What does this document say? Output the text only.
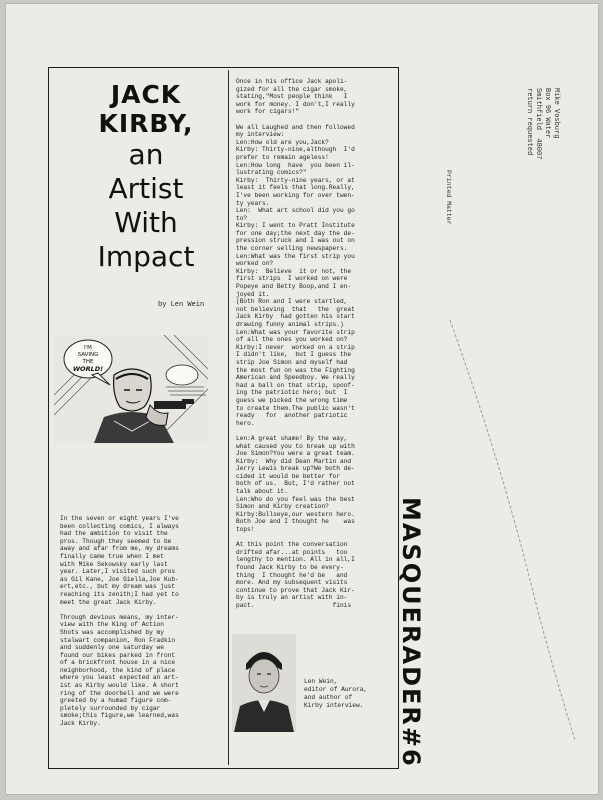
JACK
KIRBY,
an
Artist
With
Impact
by Len Wein
I'M
SAVING
THE
WORLD!
In the seven or eight years I've
been collecting comics, I always
had the ambition to visit the
pros. Though they seemed to be
away and afar from me, my dreams
finally came true when I met
with Mike Sekowsky early last
year. Later,I visited such pros
as Gil Kane, Joe Giella,Joe Kub-
ert,etc., but my dream was just
reaching its zenith;I had yet to
meet the great Jack Kirby.

Through devious means, my inter-
view with the King of Action
Shots was accomplished by my
stalwart companion, Ron Fradkin
and suddenly one saturday we
found our bikes parked in front
of a brickfront house in a nice
neighborhood, the kind of place
where you least expected an art-
ist as Kirby would like. A short
ring of the doorbell and we were
greeted by a humad figure com-
pletely surrounded by cigar
smoke;this figure,we learned,was
Jack Kirby.
Once in his office Jack apoli-
gized for all the cigar smoke,
stating,"Most people think   I
work for money. I don't,I really
work for cigars!"

We all Laughed and then followed
my interview:
Len:How old are you,Jack?
Kirby: Thirty-nine,although  I'd
prefer to remain ageless!
Len:How long  have  you been il-
lustrating comics?"
Kirby:  Thirty-nine years, or at
least it feels that long.Really,
I've been working for over twen-
ty years.
Len:  What art school did you go
to?
Kirby: I went to Pratt Institute
for one day;the next day the de-
pression struck and I was out on
the corner selling newspapers.
Len:What was the first strip you
worked on?
Kirby:  Believe  it or not, the
first strips  I worked on were
Popeye and Betty Boop,and I en-
joyed it.
(Both Ron and I were startled,
not believing  that   the  great
Jack Kirby  had gotten his start
drawing funny animal strips.)
Len:What was your favorite strip
of all the ones you worked on?
Kirby:I never  worked on a strip
I didn't like,  but I guess the
strip Joe Simon and myself had
the most fun on was the Fighting
American and Speedboy. We really
had a ball on that strip, spoof-
ing the patriotic hero; but  I
guess we picked the wrong time
to create them.The public wasn't
ready   for  another patriotic
hero.

Len:A great shame! By the way,
what caused you to break up with
Joe Simon?You were a great team.
Kirby:  Why did Dean Martin and
Jerry Lewis break up?We both de-
cided it would be better for
both of us.  But, I'd rather not
talk about it.
Len:Who do you feel was the best
Simon and Kirby creation?
Kirby:Bullseye,our western hero.
Both Joe and I thought he    was
tops!

At this point the conversation
drifted afar...at points   too
lengthy to mention. All in all,I
found Jack Kirby to be every-
thing  I thought he'd be   and
more. And my subsequent visits
continue to prove that Jack Kir-
by is truly an artist with in-
pact.                     finis
Len Wein,
editor of Aurora,
and author of
Kirby interview. MASQUERADER#6
Mike Vosburg
Box 96 Water
Smithfield  48007
return requested
Printed Matter
